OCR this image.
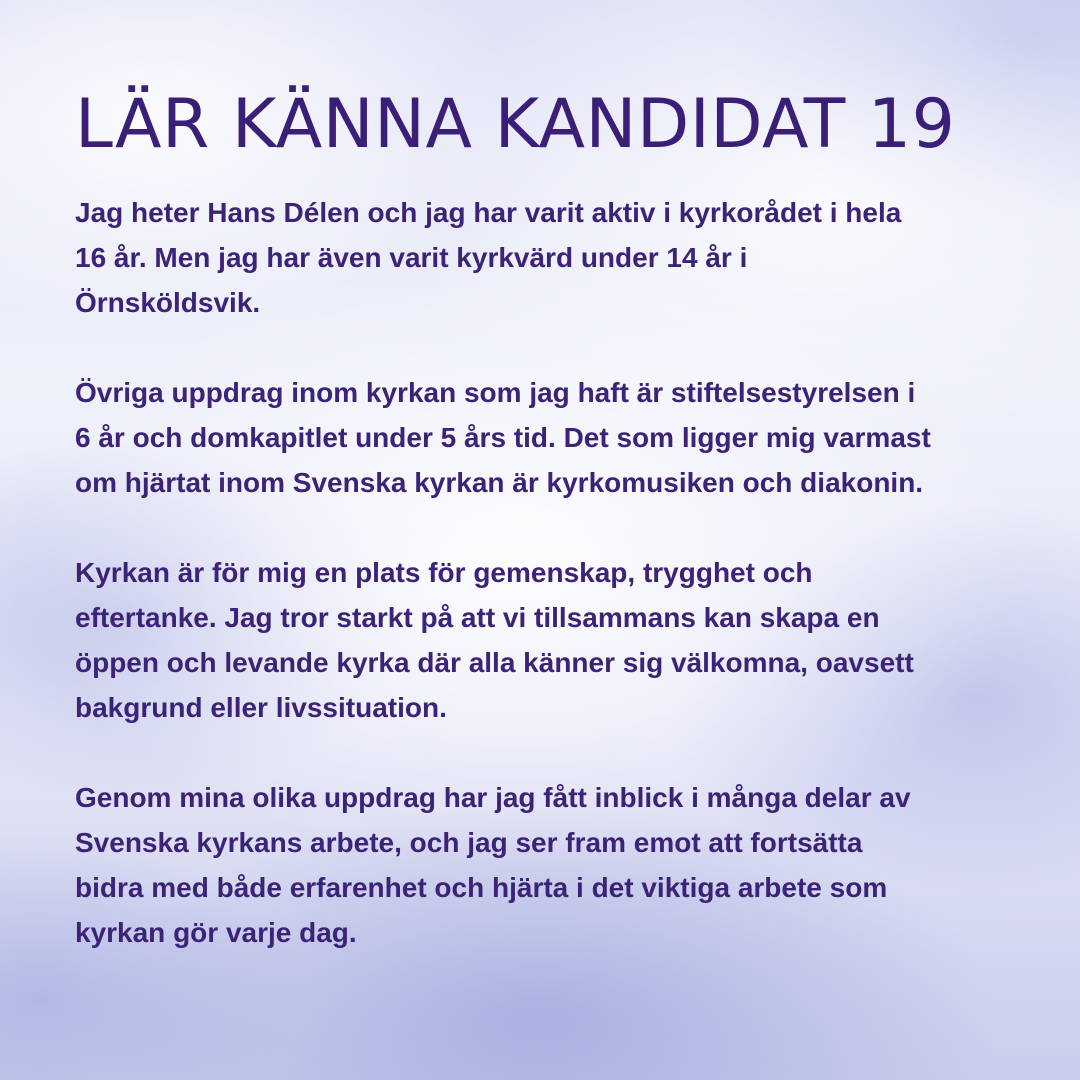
LÄR KÄNNA KANDIDAT 19

Jag heter Hans Délen och jag har varit aktiv i kyrkorådet i hela
16 år. Men jag har även varit kyrkvärd under 14 år i
Örnsköldsvik.

Övriga uppdrag inom kyrkan som jag haft är stiftelsestyrelsen i
6 år och domkapitlet under 5 års tid. Det som ligger mig varmast
om hjärtat inom Svenska kyrkan är kyrkomusiken och diakonin.

Kyrkan är för mig en plats för gemenskap, trygghet och
eftertanke. Jag tror starkt på att vi tillsammans kan skapa en
öppen och levande kyrka där alla känner sig välkomna, oavsett
bakgrund eller livssituation.

Genom mina olika uppdrag har jag fått inblick i många delar av
Svenska kyrkans arbete, och jag ser fram emot att fortsätta
bidra med både erfarenhet och hjärta i det viktiga arbete som
kyrkan gör varje dag.
